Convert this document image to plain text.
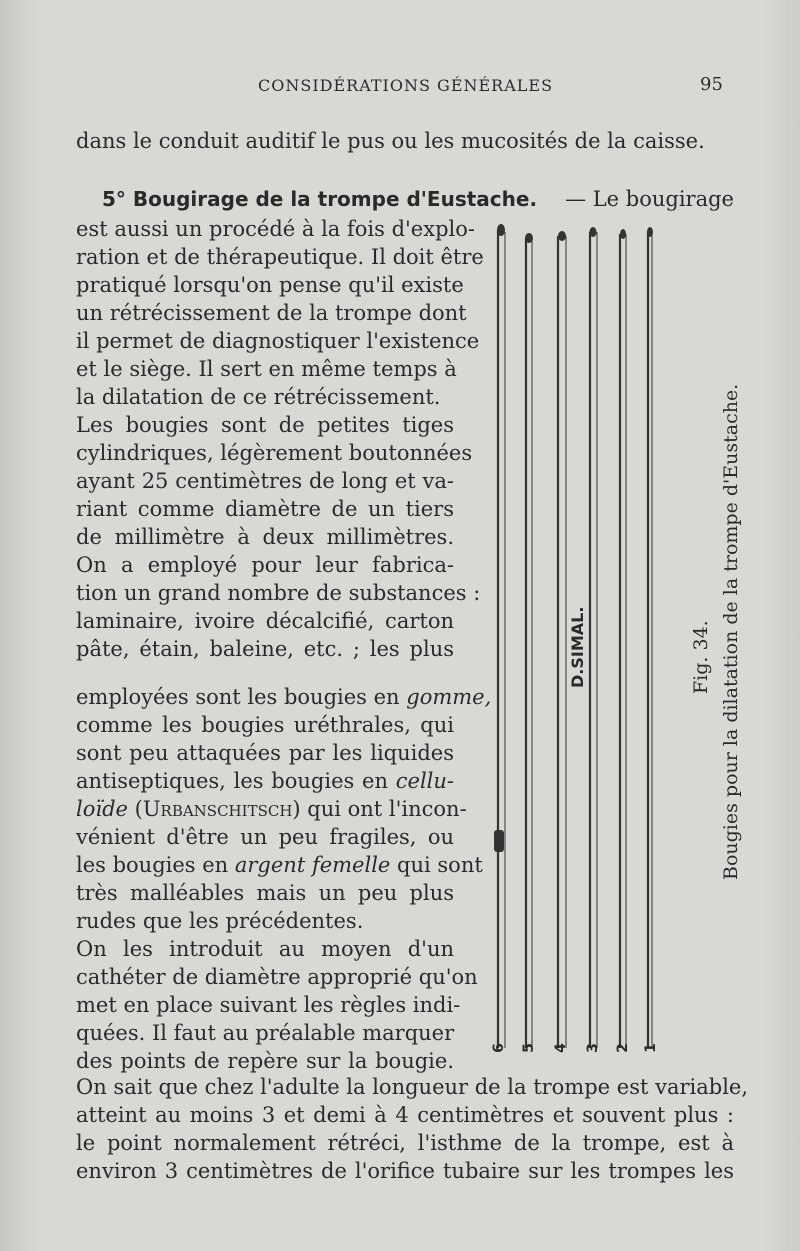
CONSIDÉRATIONS GÉNÉRALES	95
dans le conduit auditif le pus ou les mucosités de la caisse.
5° Bougirage de la trompe d'Eustache. — Le bougirage
est aussi un procédé à la fois d'explo-
ration et de thérapeutique. Il doit être
pratiqué lorsqu'on pense qu'il existe
un rétrécissement de la trompe dont
il permet de diagnostiquer l'existence
et le siège. Il sert en même temps à
la dilatation de ce rétrécissement.
Les bougies sont de petites tiges
cylindriques, légèrement boutonnées
ayant 25 centimètres de long et va-
riant comme diamètre de un tiers
de millimètre à deux millimètres.
On a employé pour leur fabrica-
tion un grand nombre de substances :
laminaire, ivoire décalcifié, carton
pâte, étain, baleine, etc. ; les plus
employées sont les bougies en gomme,
comme les bougies uréthrales, qui
sont peu attaquées par les liquides
antiseptiques, les bougies en cellu-
loïde (Urbanschitsch) qui ont l'incon-
vénient d'être un peu fragiles, ou
les bougies en argent femelle qui sont
très malléables mais un peu plus
rudes que les précédentes.
On les introduit au moyen d'un
cathéter de diamètre approprié qu'on
met en place suivant les règles indi-
quées. Il faut au préalable marquer
des points de repère sur la bougie.
On sait que chez l'adulte la longueur de la trompe est variable,
atteint au moins 3 et demi à 4 centimètres et souvent plus :
le point normalement rétréci, l'isthme de la trompe, est à
environ 3 centimètres de l'orifice tubaire sur les trompes les
D.SIMAL.
6 5 4 3 2 1
Fig. 34. Bougies pour la dilatation de la trompe d'Eustache.
